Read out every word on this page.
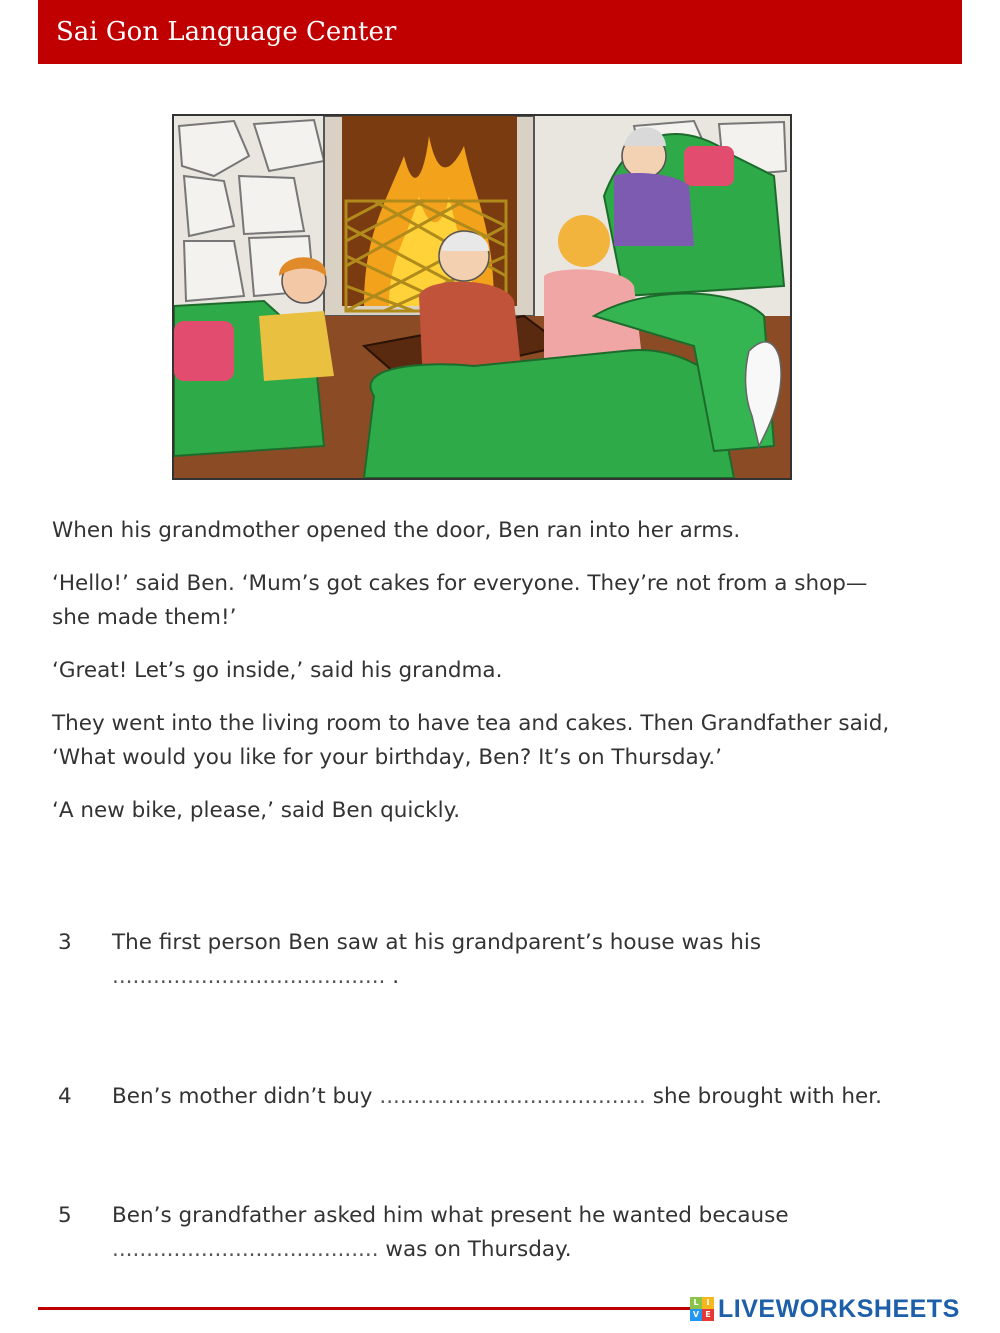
Sai Gon Language Center

When his grandmother opened the door, Ben ran into her arms.

‘Hello!’ said Ben. ‘Mum’s got cakes for everyone. They’re not from a shop—
she made them!’

‘Great! Let’s go inside,’ said his grandma.

They went into the living room to have tea and cakes. Then Grandfather said,
‘What would you like for your birthday, Ben? It’s on Thursday.’

‘A new bike, please,’ said Ben quickly.

3	The first person Ben saw at his grandparent’s house was his
........................................ .
4	Ben’s mother didn’t buy ....................................... she brought with her.
5	Ben’s grandfather asked him what present he wanted because
....................................... was on Thursday.
L I
V E LIVEWORKSHEETS
